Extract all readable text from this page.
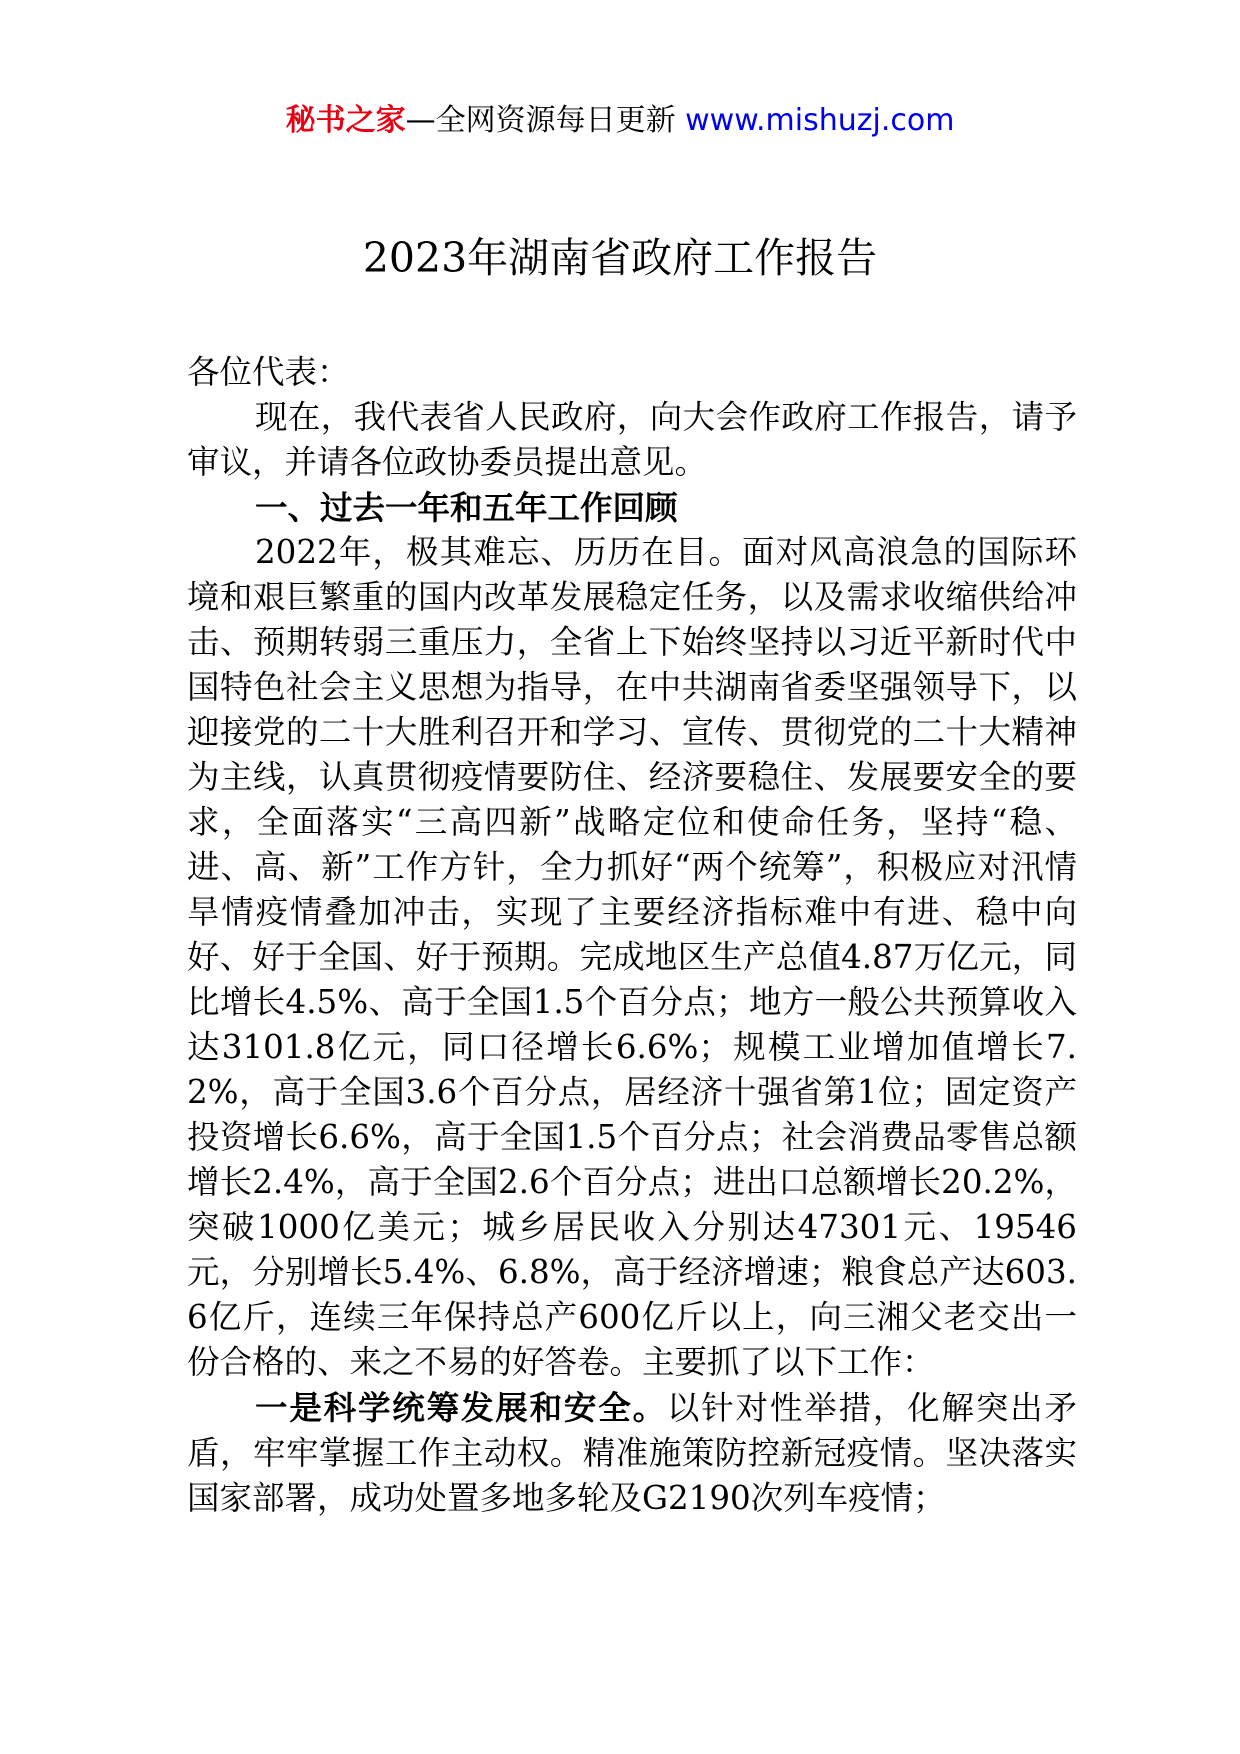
秘书之家—全网资源每日更新 www.mishuzj.com
2023年湖南省政府工作报告

各位代表：

现在，我代表省人民政府，向大会作政府工作报告，请予审议，并请各位政协委员提出意见。

一、过去一年和五年工作回顾

2022年，极其难忘、历历在目。面对风高浪急的国际环境和艰巨繁重的国内改革发展稳定任务，以及需求收缩供给冲击、预期转弱三重压力，全省上下始终坚持以习近平新时代中国特色社会主义思想为指导，在中共湖南省委坚强领导下，以迎接党的二十大胜利召开和学习、宣传、贯彻党的二十大精神为主线，认真贯彻疫情要防住、经济要稳住、发展要安全的要求，全面落实“三高四新”战略定位和使命任务，坚持“稳、进、高、新”工作方针，全力抓好“两个统筹”，积极应对汛情旱情疫情叠加冲击，实现了主要经济指标难中有进、稳中向好、好于全国、好于预期。完成地区生产总值4.87万亿元，同比增长4.5%、高于全国1.5个百分点；地方一般公共预算收入达3101.8亿元，同口径增长6.6%；规模工业增加值增长7.2%，高于全国3.6个百分点，居经济十强省第1位；固定资产投资增长6.6%，高于全国1.5个百分点；社会消费品零售总额增长2.4%，高于全国2.6个百分点；进出口总额增长20.2%，突破1000亿美元；城乡居民收入分别达47301元、19546元，分别增长5.4%、6.8%，高于经济增速；粮食总产达603.6亿斤，连续三年保持总产600亿斤以上，向三湘父老交出一份合格的、来之不易的好答卷。主要抓了以下工作：

一是科学统筹发展和安全。以针对性举措，化解突出矛盾，牢牢掌握工作主动权。精准施策防控新冠疫情。坚决落实国家部署，成功处置多地多轮及G2190次列车疫情；
